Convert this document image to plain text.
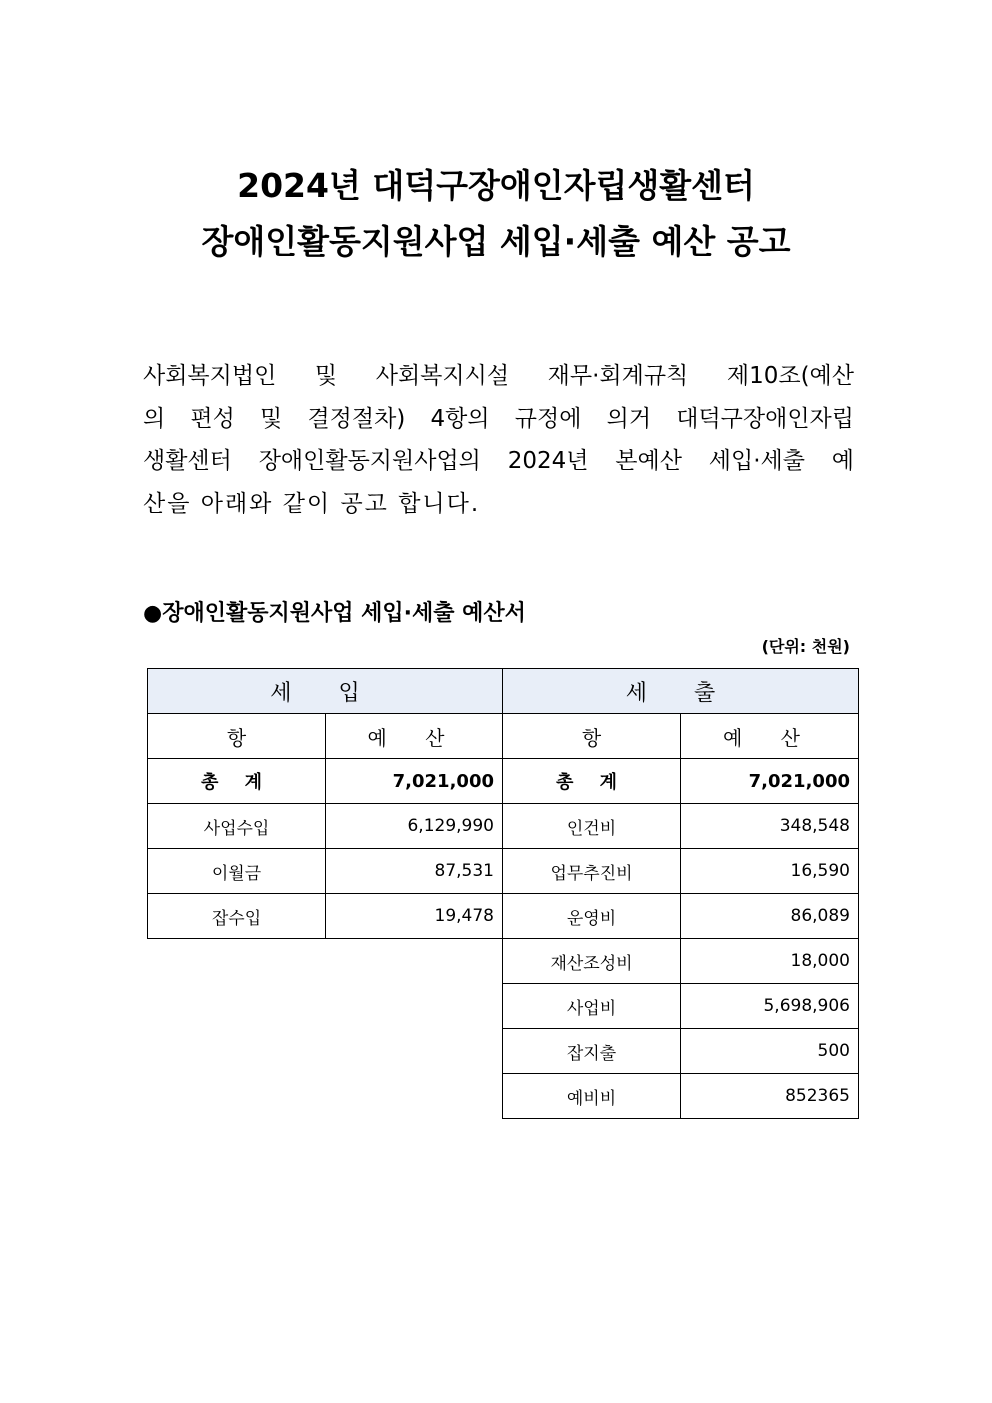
2024년 대덕구장애인자립생활센터
장애인활동지원사업 세입·세출 예산 공고
사회복지법인 및 사회복지시설 재무·회계규칙 제10조(예산
의 편성 및 결정절차) 4항의 규정에 의거 대덕구장애인자립
생활센터 장애인활동지원사업의 2024년 본예산 세입·세출 예
산을 아래와 같이 공고 합니다.
●장애인활동지원사업 세입·세출 예산서
(단위: 천원)
세 입		세 출	
항	예 산	항	예 산
총 계	7,021,000	총 계	7,021,000
사업수입	6,129,990	인건비	348,548
이월금	87,531	업무추진비	16,590
잡수입	19,478	운영비	86,089
		재산조성비	18,000
		사업비	5,698,906
		잡지출	500
		예비비	852365
